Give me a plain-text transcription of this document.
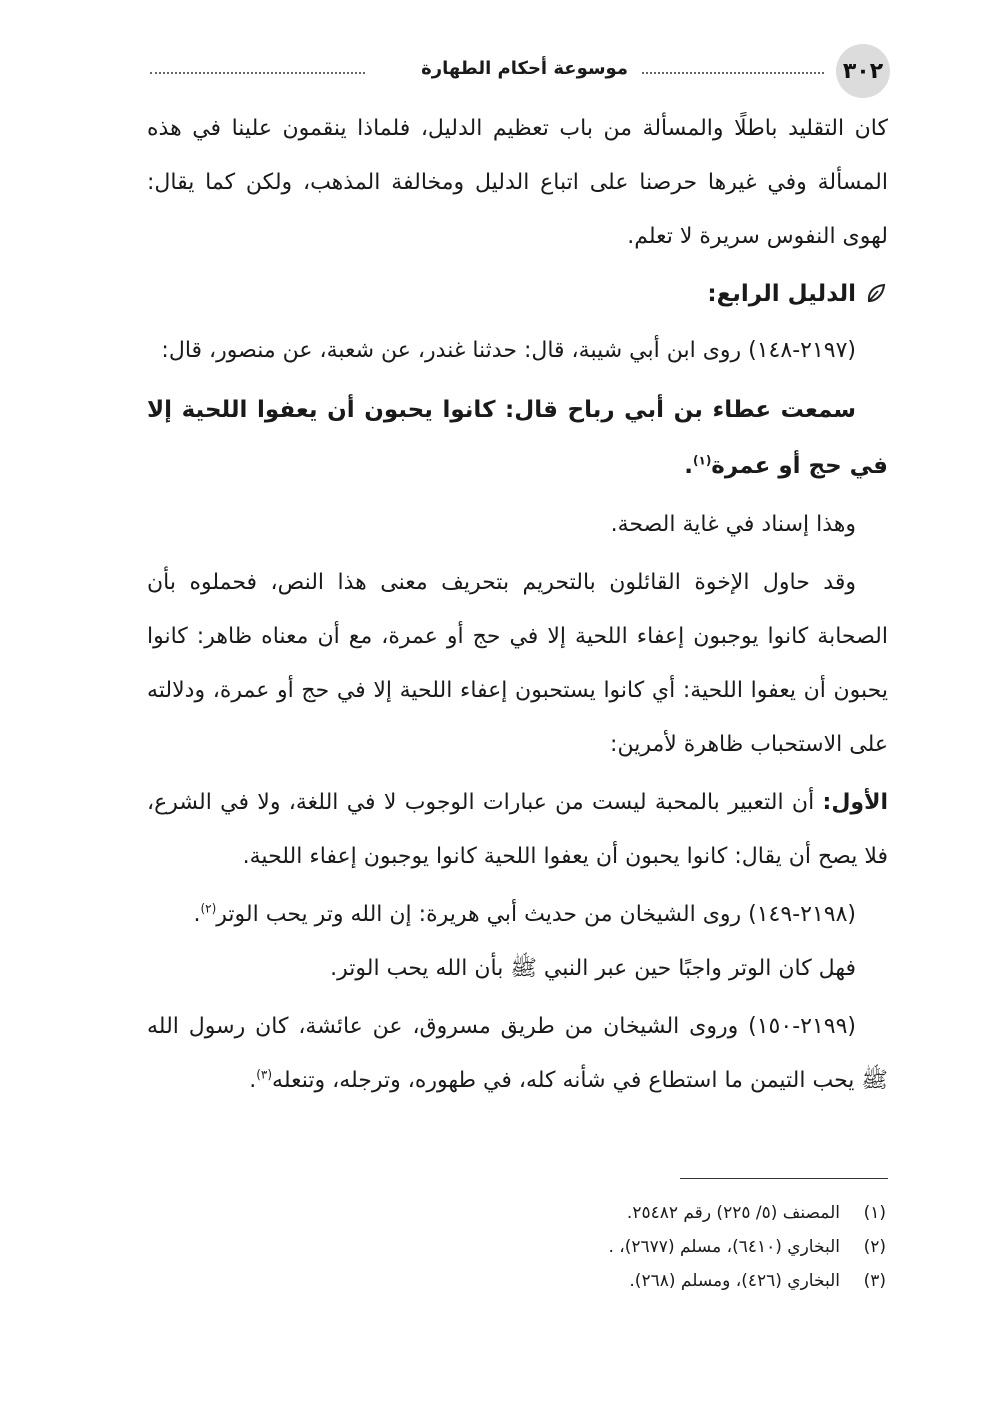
٣٠٢
موسوعة أحكام الطهارة

كان التقليد باطلًا والمسألة من باب تعظيم الدليل، فلماذا ينقمون علينا في هذه المسألة وفي غيرها حرصنا على اتباع الدليل ومخالفة المذهب، ولكن كما يقال: لهوى النفوس سريرة لا تعلم.

الدليل الرابع:

(٢١٩٧-١٤٨) روى ابن أبي شيبة، قال: حدثنا غندر، عن شعبة، عن منصور، قال:

سمعت عطاء بن أبي رباح قال: كانوا يحبون أن يعفوا اللحية إلا في حج أو عمرة$^{(١)}$.

وهذا إسناد في غاية الصحة.

وقد حاول الإخوة القائلون بالتحريم بتحريف معنى هذا النص، فحملوه بأن الصحابة كانوا يوجبون إعفاء اللحية إلا في حج أو عمرة، مع أن معناه ظاهر: كانوا يحبون أن يعفوا اللحية: أي كانوا يستحبون إعفاء اللحية إلا في حج أو عمرة، ودلالته على الاستحباب ظاهرة لأمرين:

الأول: أن التعبير بالمحبة ليست من عبارات الوجوب لا في اللغة، ولا في الشرع، فلا يصح أن يقال: كانوا يحبون أن يعفوا اللحية كانوا يوجبون إعفاء اللحية.

(٢١٩٨-١٤٩) روى الشيخان من حديث أبي هريرة: إن الله وتر يحب الوتر$^{(٢)}$.

فهل كان الوتر واجبًا حين عبر النبي ﷺ بأن الله يحب الوتر.

(٢١٩٩-١٥٠) وروى الشيخان من طريق مسروق، عن عائشة، كان رسول الله ﷺ يحب التيمن ما استطاع في شأنه كله، في طهوره، وترجله، وتنعله$^{(٣)}$.

(١)
المصنف (٥/ ٢٢٥) رقم ٢٥٤٨٢.
(٢)
البخاري (٦٤١٠)، مسلم (٢٦٧٧)، .
(٣)
البخاري (٤٢٦)، ومسلم (٢٦٨).
